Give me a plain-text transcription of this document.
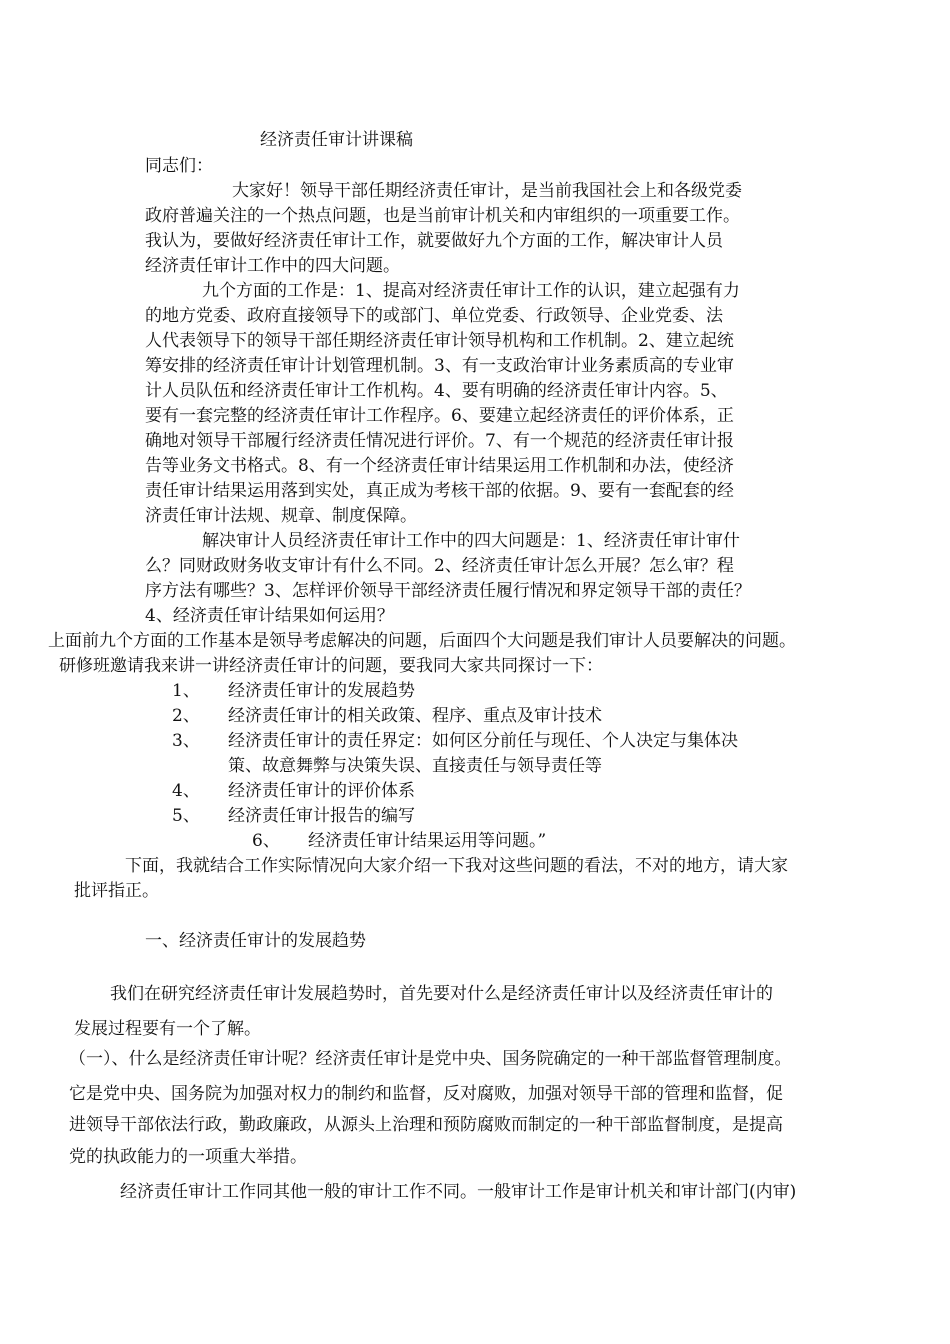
经济责任审计讲课稿
同志们：
大家好！领导干部任期经济责任审计，是当前我国社会上和各级党委
政府普遍关注的一个热点问题，也是当前审计机关和内审组织的一项重要工作。
我认为，要做好经济责任审计工作，就要做好九个方面的工作，解决审计人员
经济责任审计工作中的四大问题。
九个方面的工作是：1、提高对经济责任审计工作的认识，建立起强有力
的地方党委、政府直接领导下的或部门、单位党委、行政领导、企业党委、法
人代表领导下的领导干部任期经济责任审计领导机构和工作机制。2、建立起统
筹安排的经济责任审计计划管理机制。3、有一支政治审计业务素质高的专业审
计人员队伍和经济责任审计工作机构。4、要有明确的经济责任审计内容。5、
要有一套完整的经济责任审计工作程序。6、要建立起经济责任的评价体系，正
确地对领导干部履行经济责任情况进行评价。7、有一个规范的经济责任审计报
告等业务文书格式。8、有一个经济责任审计结果运用工作机制和办法，使经济
责任审计结果运用落到实处，真正成为考核干部的依据。9、要有一套配套的经
济责任审计法规、规章、制度保障。
解决审计人员经济责任审计工作中的四大问题是：1、经济责任审计审什
么？同财政财务收支审计有什么不同。2、经济责任审计怎么开展？怎么审？程
序方法有哪些？3、怎样评价领导干部经济责任履行情况和界定领导干部的责任？
4、经济责任审计结果如何运用？
上面前九个方面的工作基本是领导考虑解决的问题，后面四个大问题是我们审计人员要解决的问题。
研修班邀请我来讲一讲经济责任审计的问题，要我同大家共同探讨一下：
1、 经济责任审计的发展趋势
2、 经济责任审计的相关政策、程序、重点及审计技术
3、 经济责任审计的责任界定：如何区分前任与现任、个人决定与集体决
策、故意舞弊与决策失误、直接责任与领导责任等
4、 经济责任审计的评价体系
5、 经济责任审计报告的编写
6、 经济责任审计结果运用等问题。”
下面，我就结合工作实际情况向大家介绍一下我对这些问题的看法，不对的地方，请大家
批评指正。
一、经济责任审计的发展趋势
我们在研究经济责任审计发展趋势时，首先要对什么是经济责任审计以及经济责任审计的
发展过程要有一个了解。
（一）、什么是经济责任审计呢？经济责任审计是党中央、国务院确定的一种干部监督管理制度。
它是党中央、国务院为加强对权力的制约和监督，反对腐败，加强对领导干部的管理和监督，促
进领导干部依法行政，勤政廉政，从源头上治理和预防腐败而制定的一种干部监督制度，是提高
党的执政能力的一项重大举措。
经济责任审计工作同其他一般的审计工作不同。一般审计工作是审计机关和审计部门(内审)
